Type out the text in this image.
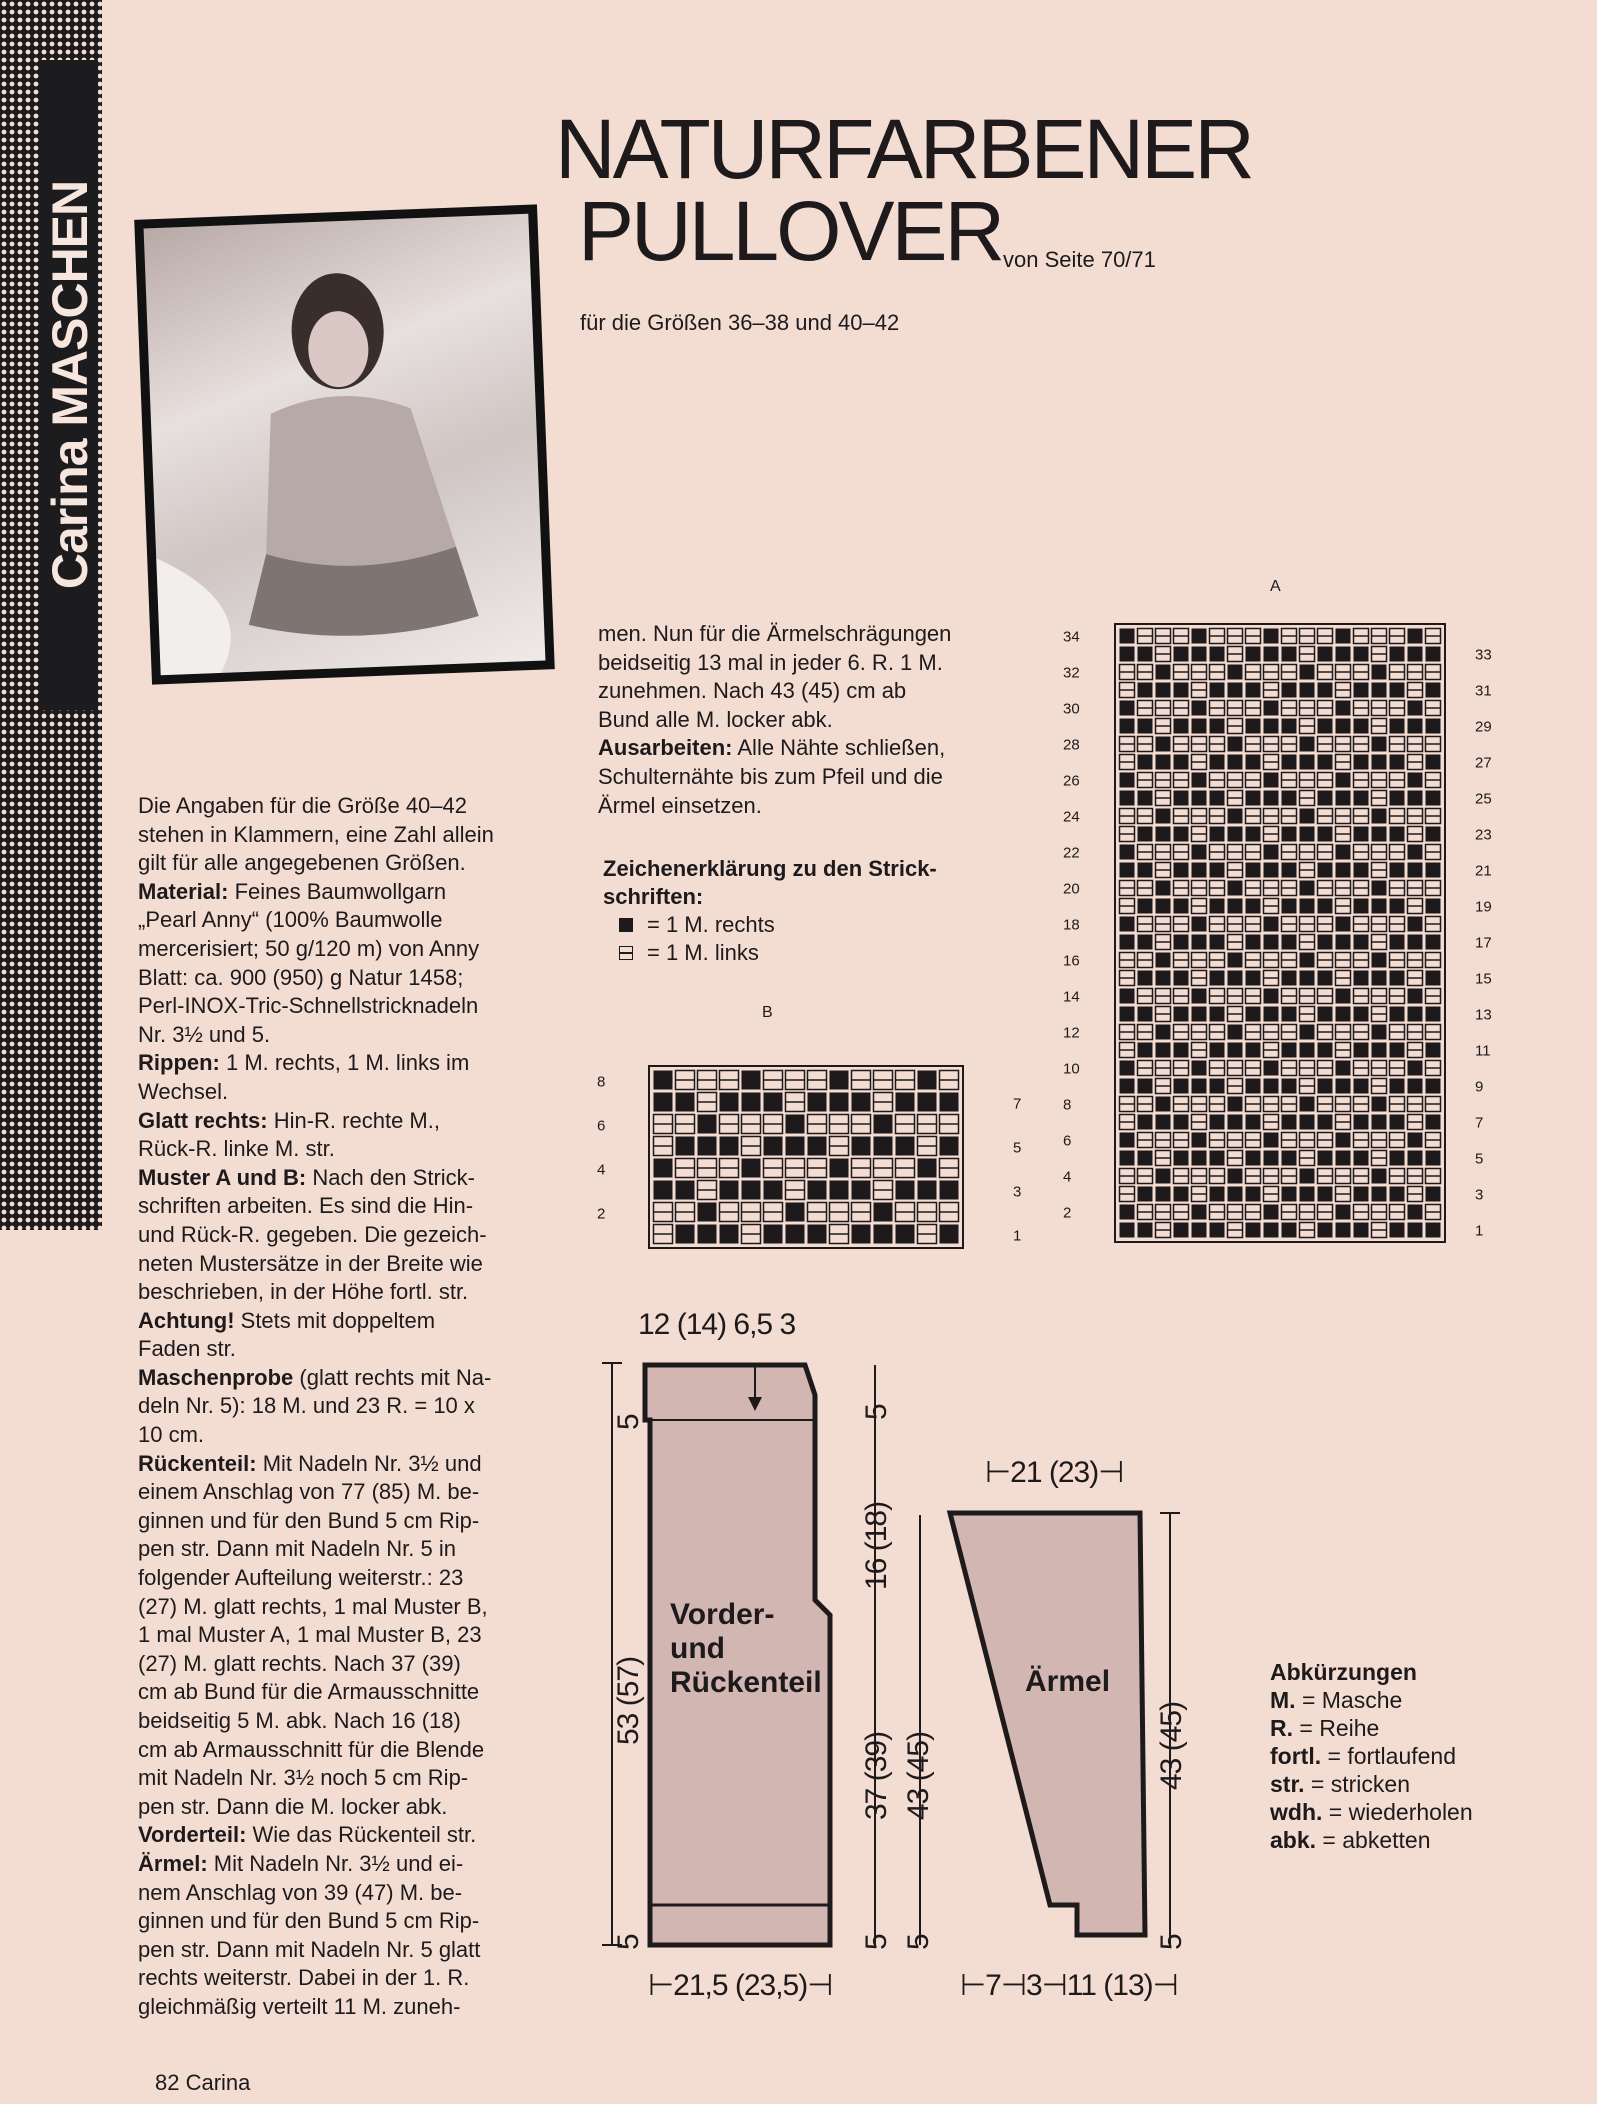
Carina MASCHEN
NATURFARBENER
PULLOVER von Seite 70/71
für die Größen 36–38 und 40–42

Die Angaben für die Größe 40–42

stehen in Klammern, eine Zahl allein

gilt für alle angegebenen Größen.

Material: Feines Baumwollgarn

„Pearl Anny“ (100% Baumwolle

mercerisiert; 50 g/120 m) von Anny

Blatt: ca. 900 (950) g Natur 1458;

Perl-INOX-Tric-Schnellstricknadeln

Nr. 3½ und 5.

Rippen: 1 M. rechts, 1 M. links im

Wechsel.

Glatt rechts: Hin-R. rechte M.,

Rück-R. linke M. str.

Muster A und B: Nach den Strick-

schriften arbeiten. Es sind die Hin-

und Rück-R. gegeben. Die gezeich-

neten Mustersätze in der Breite wie

beschrieben, in der Höhe fortl. str.

Achtung! Stets mit doppeltem

Faden str.

Maschenprobe (glatt rechts mit Na-

deln Nr. 5): 18 M. und 23 R. = 10 x

10 cm.

Rückenteil: Mit Nadeln Nr. 3½ und

einem Anschlag von 77 (85) M. be-

ginnen und für den Bund 5 cm Rip-

pen str. Dann mit Nadeln Nr. 5 in

folgender Aufteilung weiterstr.: 23

(27) M. glatt rechts, 1 mal Muster B,

1 mal Muster A, 1 mal Muster B, 23

(27) M. glatt rechts. Nach 37 (39)

cm ab Bund für die Armausschnitte

beidseitig 5 M. abk. Nach 16 (18)

cm ab Armausschnitt für die Blende

mit Nadeln Nr. 3½ noch 5 cm Rip-

pen str. Dann die M. locker abk.

Vorderteil: Wie das Rückenteil str.

Ärmel: Mit Nadeln Nr. 3½ und ei-

nem Anschlag von 39 (47) M. be-

ginnen und für den Bund 5 cm Rip-

pen str. Dann mit Nadeln Nr. 5 glatt

rechts weiterstr. Dabei in der 1. R.

gleichmäßig verteilt 11 M. zuneh-

men. Nun für die Ärmelschrägungen

beidseitig 13 mal in jeder 6. R. 1 M.

zunehmen. Nach 43 (45) cm ab

Bund alle M. locker abk.

Ausarbeiten: Alle Nähte schließen,

Schulternähte bis zum Pfeil und die

Ärmel einsetzen.

Zeichenerklärung zu den Strick-
schriften:
= 1 M. rechts
= 1 M. links
A
34
32
30
28
26
24
22
20
18
16
14
12
10
8
6
4
2
33
31
29
27
25
23
21
19
17
15
13
11
9
7
5
3
1
B
8
6
4
2
7
5
3
1
12 (14) 6,5 3
Vorder-
und
Rückenteil	Ärmel
53 (57)
5
5
5
16 (18)
37 (39)
5
43 (45)
5
43 (45)
5
⊢21 (23)⊣
⊢21,5 (23,5)⊣	⊢7⊣3⊣11 (13)⊣

Abkürzungen

M. = Masche

R. = Reihe

fortl. = fortlaufend

str. = stricken

wdh. = wiederholen

abk. = abketten

82 Carina
